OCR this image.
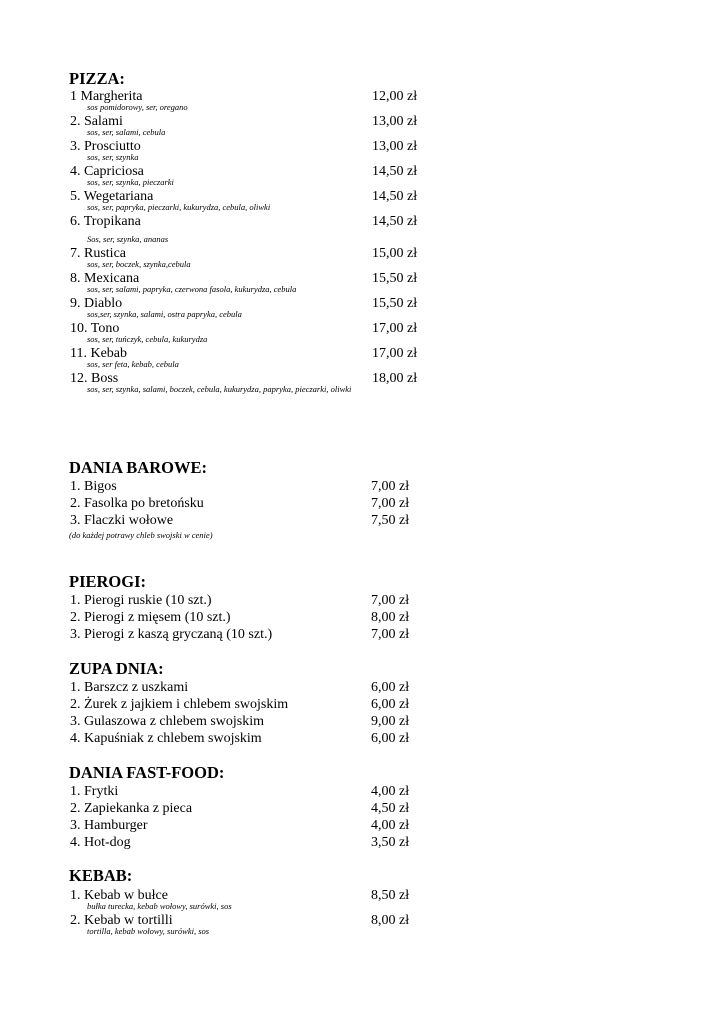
PIZZA:
1 Margherita	12,00 zł
sos pomidorowy, ser, oregano
2. Salami	13,00 zł
sos, ser, salami, cebula
3. Prosciutto	13,00 zł
sos, ser, szynka
4. Capriciosa	14,50 zł
sos, ser, szynka, pieczarki
5. Wegetariana	14,50 zł
sos, ser, papryka, pieczarki, kukurydza, cebula, oliwki
6. Tropikana	14,50 zł
Sos, ser, szynka, ananas
7. Rustica	15,00 zł
sos, ser, boczek, szynka,cebula
8. Mexicana	15,50 zł
sos, ser, salami, papryka, czerwona fasola, kukurydza, cebula
9. Diablo	15,50 zł
sos,ser, szynka, salami, ostra papryka, cebula
10. Tono	17,00 zł
sos, ser, tuńczyk, cebula, kukurydza
11. Kebab	17,00 zł
sos, ser feta, kebab, cebula
12. Boss	18,00 zł
sos, ser, szynka, salami, boczek, cebula, kukurydza, papryka, pieczarki, oliwki
DANIA BAROWE:
1. Bigos	7,00 zł
2. Fasolka po bretońsku	7,00 zł
3. Flaczki wołowe	7,50 zł
(do każdej potrawy chleb swojski w cenie)
PIEROGI:
1. Pierogi ruskie (10 szt.)	7,00 zł
2. Pierogi z mięsem (10 szt.)	8,00 zł
3. Pierogi z kaszą gryczaną (10 szt.)	7,00 zł
ZUPA DNIA:
1. Barszcz z uszkami	6,00 zł
2. Żurek z jajkiem i chlebem swojskim	6,00 zł
3. Gulaszowa z chlebem swojskim	9,00 zł
4. Kapuśniak z chlebem swojskim	6,00 zł
DANIA FAST-FOOD:
1. Frytki	4,00 zł
2. Zapiekanka z pieca	4,50 zł
3. Hamburger	4,00 zł
4. Hot-dog	3,50 zł
KEBAB:
1. Kebab w bułce	8,50 zł
bułka turecka, kebab wołowy, surówki, sos
2. Kebab w tortilli	8,00 zł
tortilla, kebab wołowy, surówki, sos
